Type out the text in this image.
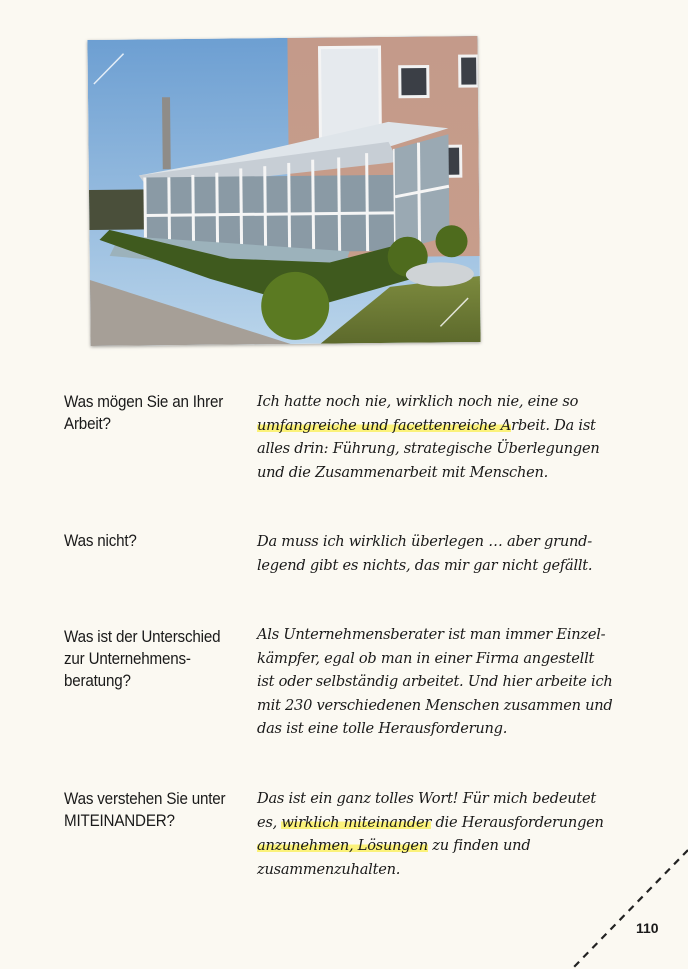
Was mögen Sie an Ihrer
Arbeit?
Ich hatte noch nie, wirklich noch nie, eine so
umfangreiche und facettenreiche Arbeit. Da ist
alles drin: Führung, strategische Überlegungen
und die Zusammenarbeit mit Menschen.
Was nicht?	Da muss ich wirklich überlegen … aber grund-
legend gibt es nichts, das mir gar nicht gefällt.
Was ist der Unterschied
zur Unternehmens-
beratung?
Als Unternehmensberater ist man immer Einzel-
kämpfer, egal ob man in einer Firma angestellt
ist oder selbständig arbeitet. Und hier arbeite ich
mit 230 verschiedenen Menschen zusammen und
das ist eine tolle Herausforderung.
Was verstehen Sie unter
MITEINANDER?
Das ist ein ganz tolles Wort! Für mich bedeutet
es, wirklich miteinander die Herausforderungen
anzunehmen, Lösungen zu finden und
zusammenzuhalten.
110
